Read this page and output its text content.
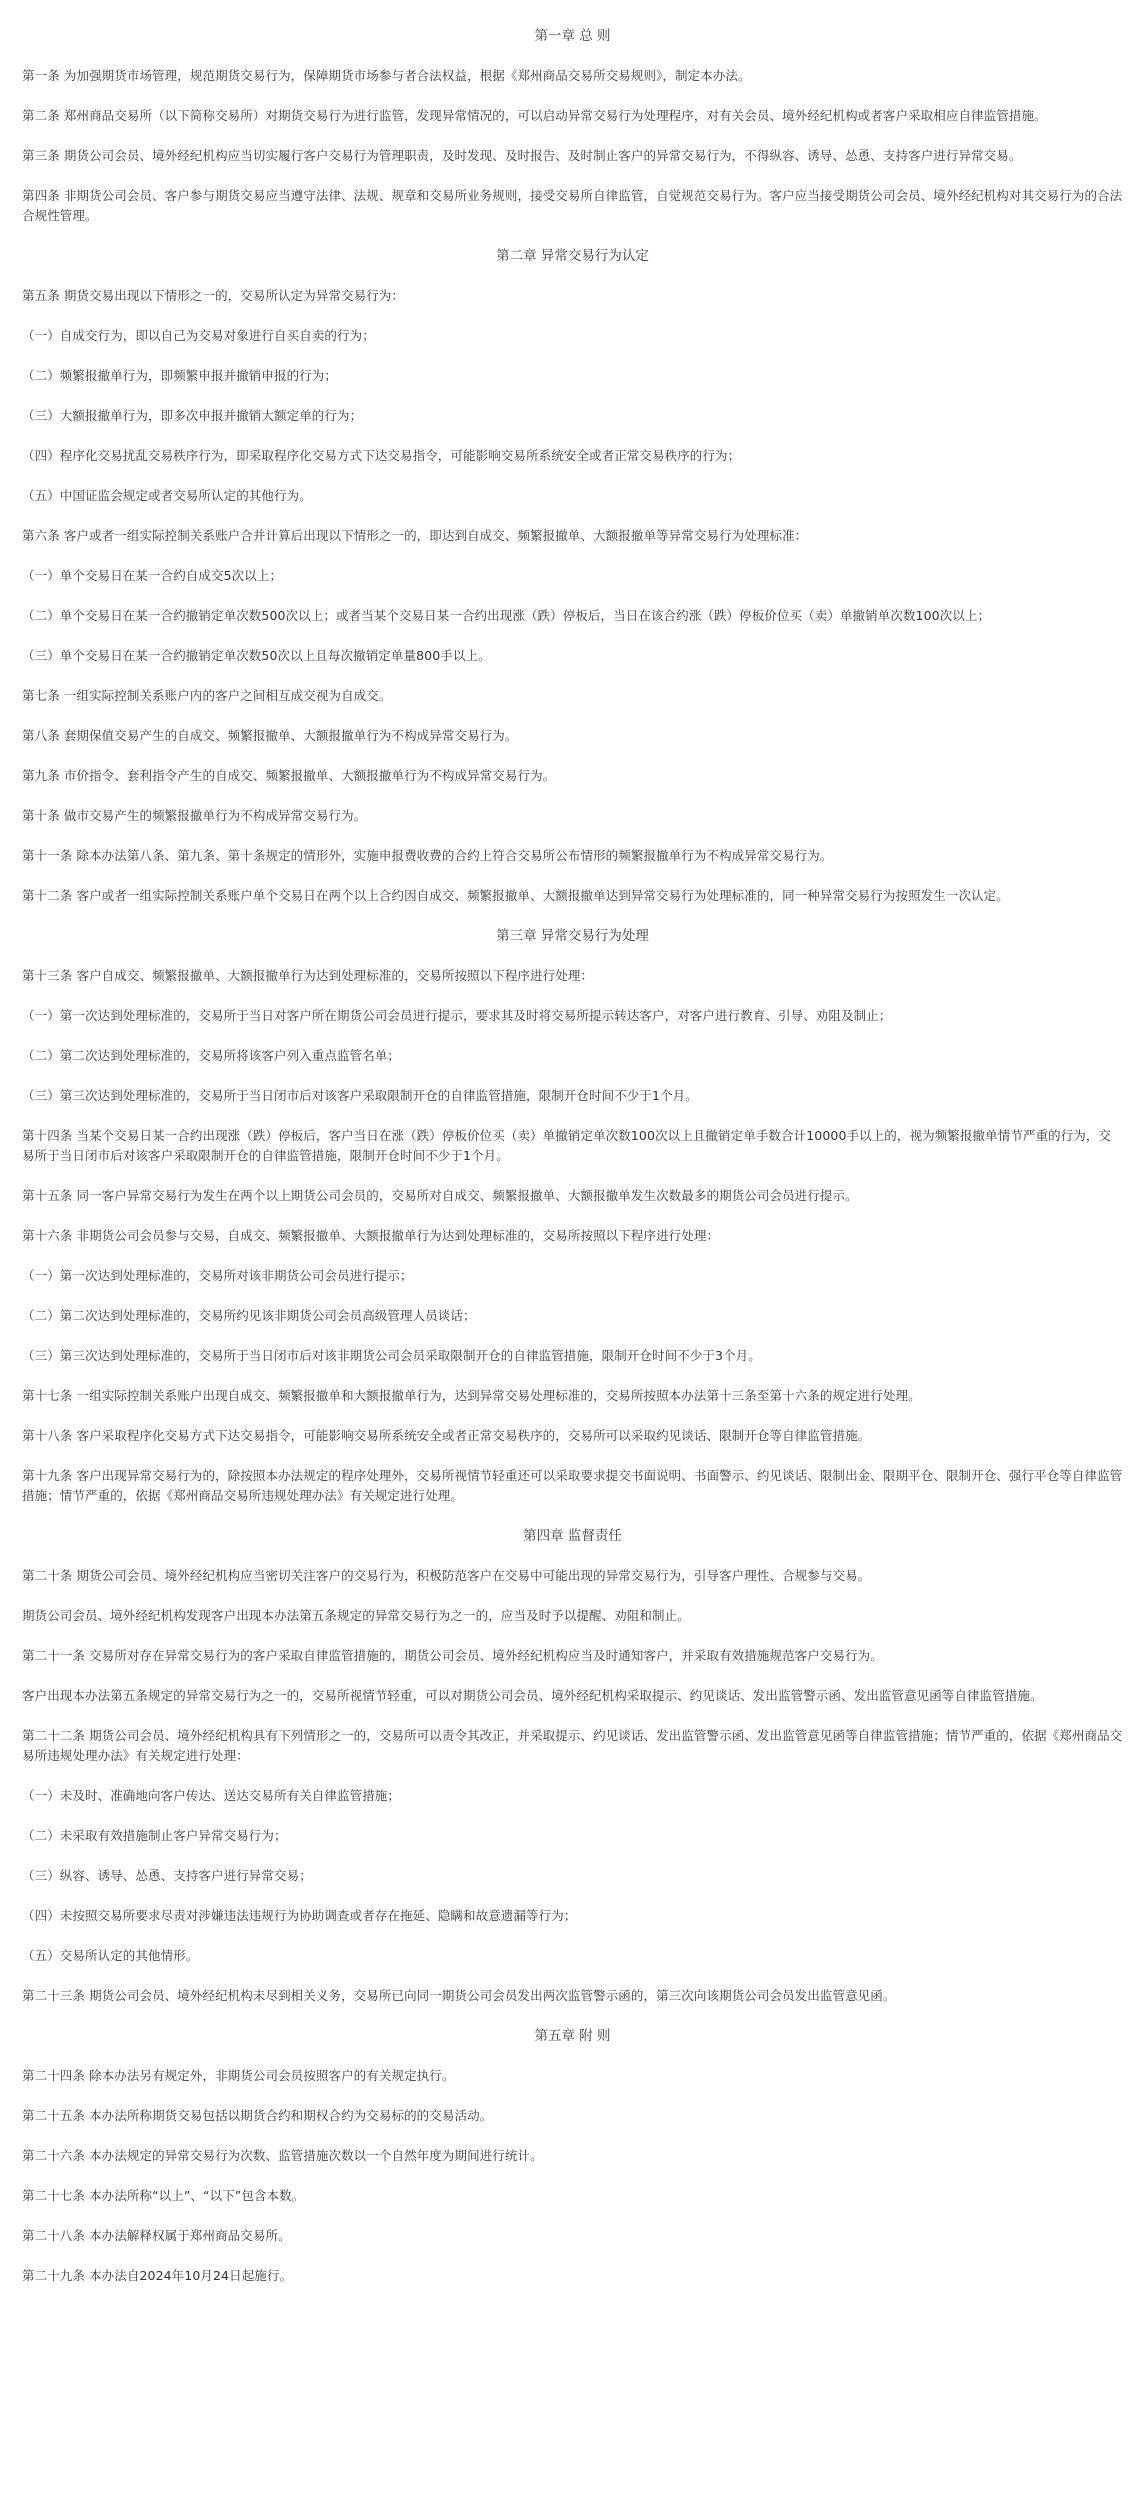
第一章 总 则
第一条 为加强期货市场管理，规范期货交易行为，保障期货市场参与者合法权益，根据《郑州商品交易所交易规则》，制定本办法。
第二条 郑州商品交易所（以下简称交易所）对期货交易行为进行监管，发现异常情况的，可以启动异常交易行为处理程序，对有关会员、境外经纪机构或者客户采取相应自律监管措施。
第三条 期货公司会员、境外经纪机构应当切实履行客户交易行为管理职责，及时发现、及时报告、及时制止客户的异常交易行为，不得纵容、诱导、怂恿、支持客户进行异常交易。
第四条 非期货公司会员、客户参与期货交易应当遵守法律、法规、规章和交易所业务规则，接受交易所自律监管，自觉规范交易行为。客户应当接受期货公司会员、境外经纪机构对其交易行为的合法合规性管理。
第二章 异常交易行为认定
第五条 期货交易出现以下情形之一的，交易所认定为异常交易行为：
（一）自成交行为，即以自己为交易对象进行自买自卖的行为；
（二）频繁报撤单行为，即频繁申报并撤销申报的行为；
（三）大额报撤单行为，即多次申报并撤销大额定单的行为；
（四）程序化交易扰乱交易秩序行为，即采取程序化交易方式下达交易指令，可能影响交易所系统安全或者正常交易秩序的行为；
（五）中国证监会规定或者交易所认定的其他行为。
第六条 客户或者一组实际控制关系账户合并计算后出现以下情形之一的，即达到自成交、频繁报撤单、大额报撤单等异常交易行为处理标准：
（一）单个交易日在某一合约自成交5次以上；
（二）单个交易日在某一合约撤销定单次数500次以上；或者当某个交易日某一合约出现涨（跌）停板后，当日在该合约涨（跌）停板价位买（卖）单撤销单次数100次以上；
（三）单个交易日在某一合约撤销定单次数50次以上且每次撤销定单量800手以上。
第七条 一组实际控制关系账户内的客户之间相互成交视为自成交。
第八条 套期保值交易产生的自成交、频繁报撤单、大额报撤单行为不构成异常交易行为。
第九条 市价指令、套利指令产生的自成交、频繁报撤单、大额报撤单行为不构成异常交易行为。
第十条 做市交易产生的频繁报撤单行为不构成异常交易行为。
第十一条 除本办法第八条、第九条、第十条规定的情形外，实施申报费收费的合约上符合交易所公布情形的频繁报撤单行为不构成异常交易行为。
第十二条 客户或者一组实际控制关系账户单个交易日在两个以上合约因自成交、频繁报撤单、大额报撤单达到异常交易行为处理标准的，同一种异常交易行为按照发生一次认定。
第三章 异常交易行为处理
第十三条 客户自成交、频繁报撤单、大额报撤单行为达到处理标准的，交易所按照以下程序进行处理：
（一）第一次达到处理标准的，交易所于当日对客户所在期货公司会员进行提示，要求其及时将交易所提示转达客户，对客户进行教育、引导、劝阻及制止；
（二）第二次达到处理标准的，交易所将该客户列入重点监管名单；
（三）第三次达到处理标准的，交易所于当日闭市后对该客户采取限制开仓的自律监管措施，限制开仓时间不少于1个月。
第十四条 当某个交易日某一合约出现涨（跌）停板后，客户当日在涨（跌）停板价位买（卖）单撤销定单次数100次以上且撤销定单手数合计10000手以上的，视为频繁报撤单情节严重的行为，交易所于当日闭市后对该客户采取限制开仓的自律监管措施，限制开仓时间不少于1个月。
第十五条 同一客户异常交易行为发生在两个以上期货公司会员的，交易所对自成交、频繁报撤单、大额报撤单发生次数最多的期货公司会员进行提示。
第十六条 非期货公司会员参与交易，自成交、频繁报撤单、大额报撤单行为达到处理标准的，交易所按照以下程序进行处理：
（一）第一次达到处理标准的，交易所对该非期货公司会员进行提示；
（二）第二次达到处理标准的，交易所约见该非期货公司会员高级管理人员谈话；
（三）第三次达到处理标准的，交易所于当日闭市后对该非期货公司会员采取限制开仓的自律监管措施，限制开仓时间不少于3个月。
第十七条 一组实际控制关系账户出现自成交、频繁报撤单和大额报撤单行为，达到异常交易处理标准的，交易所按照本办法第十三条至第十六条的规定进行处理。
第十八条 客户采取程序化交易方式下达交易指令，可能影响交易所系统安全或者正常交易秩序的，交易所可以采取约见谈话、限制开仓等自律监管措施。
第十九条 客户出现异常交易行为的，除按照本办法规定的程序处理外，交易所视情节轻重还可以采取要求提交书面说明、书面警示、约见谈话、限制出金、限期平仓、限制开仓、强行平仓等自律监管措施；情节严重的，依据《郑州商品交易所违规处理办法》有关规定进行处理。
第四章 监督责任
第二十条 期货公司会员、境外经纪机构应当密切关注客户的交易行为，积极防范客户在交易中可能出现的异常交易行为，引导客户理性、合规参与交易。
期货公司会员、境外经纪机构发现客户出现本办法第五条规定的异常交易行为之一的，应当及时予以提醒、劝阻和制止。
第二十一条 交易所对存在异常交易行为的客户采取自律监管措施的，期货公司会员、境外经纪机构应当及时通知客户，并采取有效措施规范客户交易行为。
客户出现本办法第五条规定的异常交易行为之一的，交易所视情节轻重，可以对期货公司会员、境外经纪机构采取提示、约见谈话、发出监管警示函、发出监管意见函等自律监管措施。
第二十二条 期货公司会员、境外经纪机构具有下列情形之一的，交易所可以责令其改正，并采取提示、约见谈话、发出监管警示函、发出监管意见函等自律监管措施；情节严重的，依据《郑州商品交易所违规处理办法》有关规定进行处理：
（一）未及时、准确地向客户传达、送达交易所有关自律监管措施；
（二）未采取有效措施制止客户异常交易行为；
（三）纵容、诱导、怂恿、支持客户进行异常交易；
（四）未按照交易所要求尽责对涉嫌违法违规行为协助调查或者存在拖延、隐瞒和故意遗漏等行为；
（五）交易所认定的其他情形。
第二十三条 期货公司会员、境外经纪机构未尽到相关义务，交易所已向同一期货公司会员发出两次监管警示函的，第三次向该期货公司会员发出监管意见函。
第五章 附 则
第二十四条 除本办法另有规定外，非期货公司会员按照客户的有关规定执行。
第二十五条 本办法所称期货交易包括以期货合约和期权合约为交易标的的交易活动。
第二十六条 本办法规定的异常交易行为次数、监管措施次数以一个自然年度为期间进行统计。
第二十七条 本办法所称“以上”、“以下”包含本数。
第二十八条 本办法解释权属于郑州商品交易所。
第二十九条 本办法自2024年10月24日起施行。
